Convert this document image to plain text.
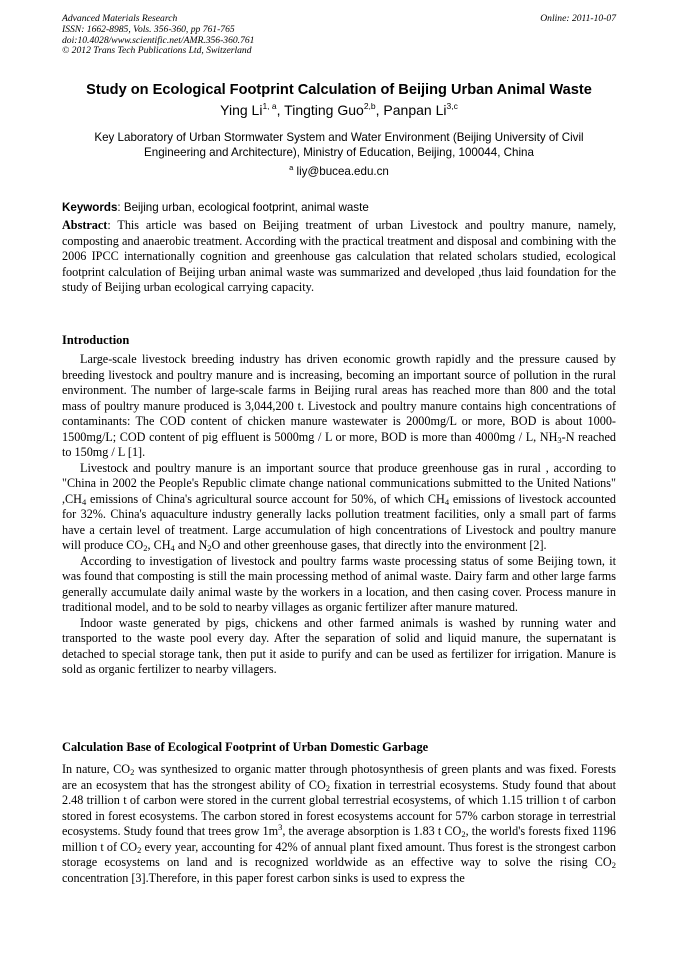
Advanced Materials Research
ISSN: 1662-8985, Vols. 356-360, pp 761-765
doi:10.4028/www.scientific.net/AMR.356-360.761
© 2012 Trans Tech Publications Ltd, Switzerland
Online: 2011-10-07
Study on Ecological Footprint Calculation of Beijing Urban Animal Waste
Ying Li$^{1, a}$, Tingting Guo$^{2,b}$, Panpan Li$^{3,c}$
Key Laboratory of Urban Stormwater System and Water Environment (Beijing University of Civil Engineering and Architecture), Ministry of Education, Beijing, 100044, China
$^a$ liy@bucea.edu.cn
Keywords: Beijing urban, ecological footprint, animal waste

Abstract: This article was based on Beijing treatment of urban Livestock and poultry manure, namely, composting and anaerobic treatment. According with the practical treatment and disposal and combining with the 2006 IPCC internationally cognition and greenhouse gas calculation that related scholars studied, ecological footprint calculation of Beijing urban animal waste was summarized and developed ,thus laid foundation for the study of Beijing urban ecological carrying capacity.

Introduction

Large-scale livestock breeding industry has driven economic growth rapidly and the pressure caused by breeding livestock and poultry manure and is increasing, becoming an important source of pollution in the rural environment. The number of large-scale farms in Beijing rural areas has reached more than 800 and the total mass of poultry manure produced is 3,044,200 t. Livestock and poultry manure contains high concentrations of contaminants: The COD content of chicken manure wastewater is 2000mg/L or more, BOD is about 1000-1500mg/L; COD content of pig effluent is 5000mg / L or more, BOD is more than 4000mg / L, $NH_3-N$ reached to 150mg / L [1].

Livestock and poultry manure is an important source that produce greenhouse gas in rural , according to "China in 2002 the People's Republic climate change national communications submitted to the United Nations" $,CH_4$ emissions of China's agricultural source account for 50%, of which $CH_4$ emissions of livestock accounted for 32%. China's aquaculture industry generally lacks pollution treatment facilities, only a small part of farms have a certain level of treatment. Large accumulation of high concentrations of Livestock and poultry manure will produce $CO_2$, $CH_4$ and $N_2O$ and other greenhouse gases, that directly into the environment [2].

According to investigation of livestock and poultry farms waste processing status of some Beijing town, it was found that composting is still the main processing method of animal waste. Dairy farm and other large farms generally accumulate daily animal waste by the workers in a location, and then casing cover. Process manure in traditional model, and to be sold to nearby villages as organic fertilizer after manure matured.

Indoor waste generated by pigs, chickens and other farmed animals is washed by running water and transported to the waste pool every day. After the separation of solid and liquid manure, the supernatant is detached to special storage tank, then put it aside to purify and can be used as fertilizer for irrigation. Manure is sold as organic fertilizer to nearby villagers.

Calculation Base of Ecological Footprint of Urban Domestic Garbage

In nature, $CO_2$ was synthesized to organic matter through photosynthesis of green plants and was fixed. Forests are an ecosystem that has the strongest ability of $CO_2$ fixation in terrestrial ecosystems. Study found that about 2.48 trillion t of carbon were stored in the current global terrestrial ecosystems, of which 1.15 trillion t of carbon stored in forest ecosystems. The carbon stored in forest ecosystems account for 57% carbon storage in terrestrial ecosystems. Study found that trees grow $1m^3$, the average absorption is 1.83 t $CO_2$, the world's forests fixed 1196 million t of $CO_2$ every year, accounting for 42% of annual plant fixed amount. Thus forest is the strongest carbon storage ecosystems on land and is recognized worldwide as an effective way to solve the rising $CO_2$ concentration [3].Therefore, in this paper forest carbon sinks is used to express the
